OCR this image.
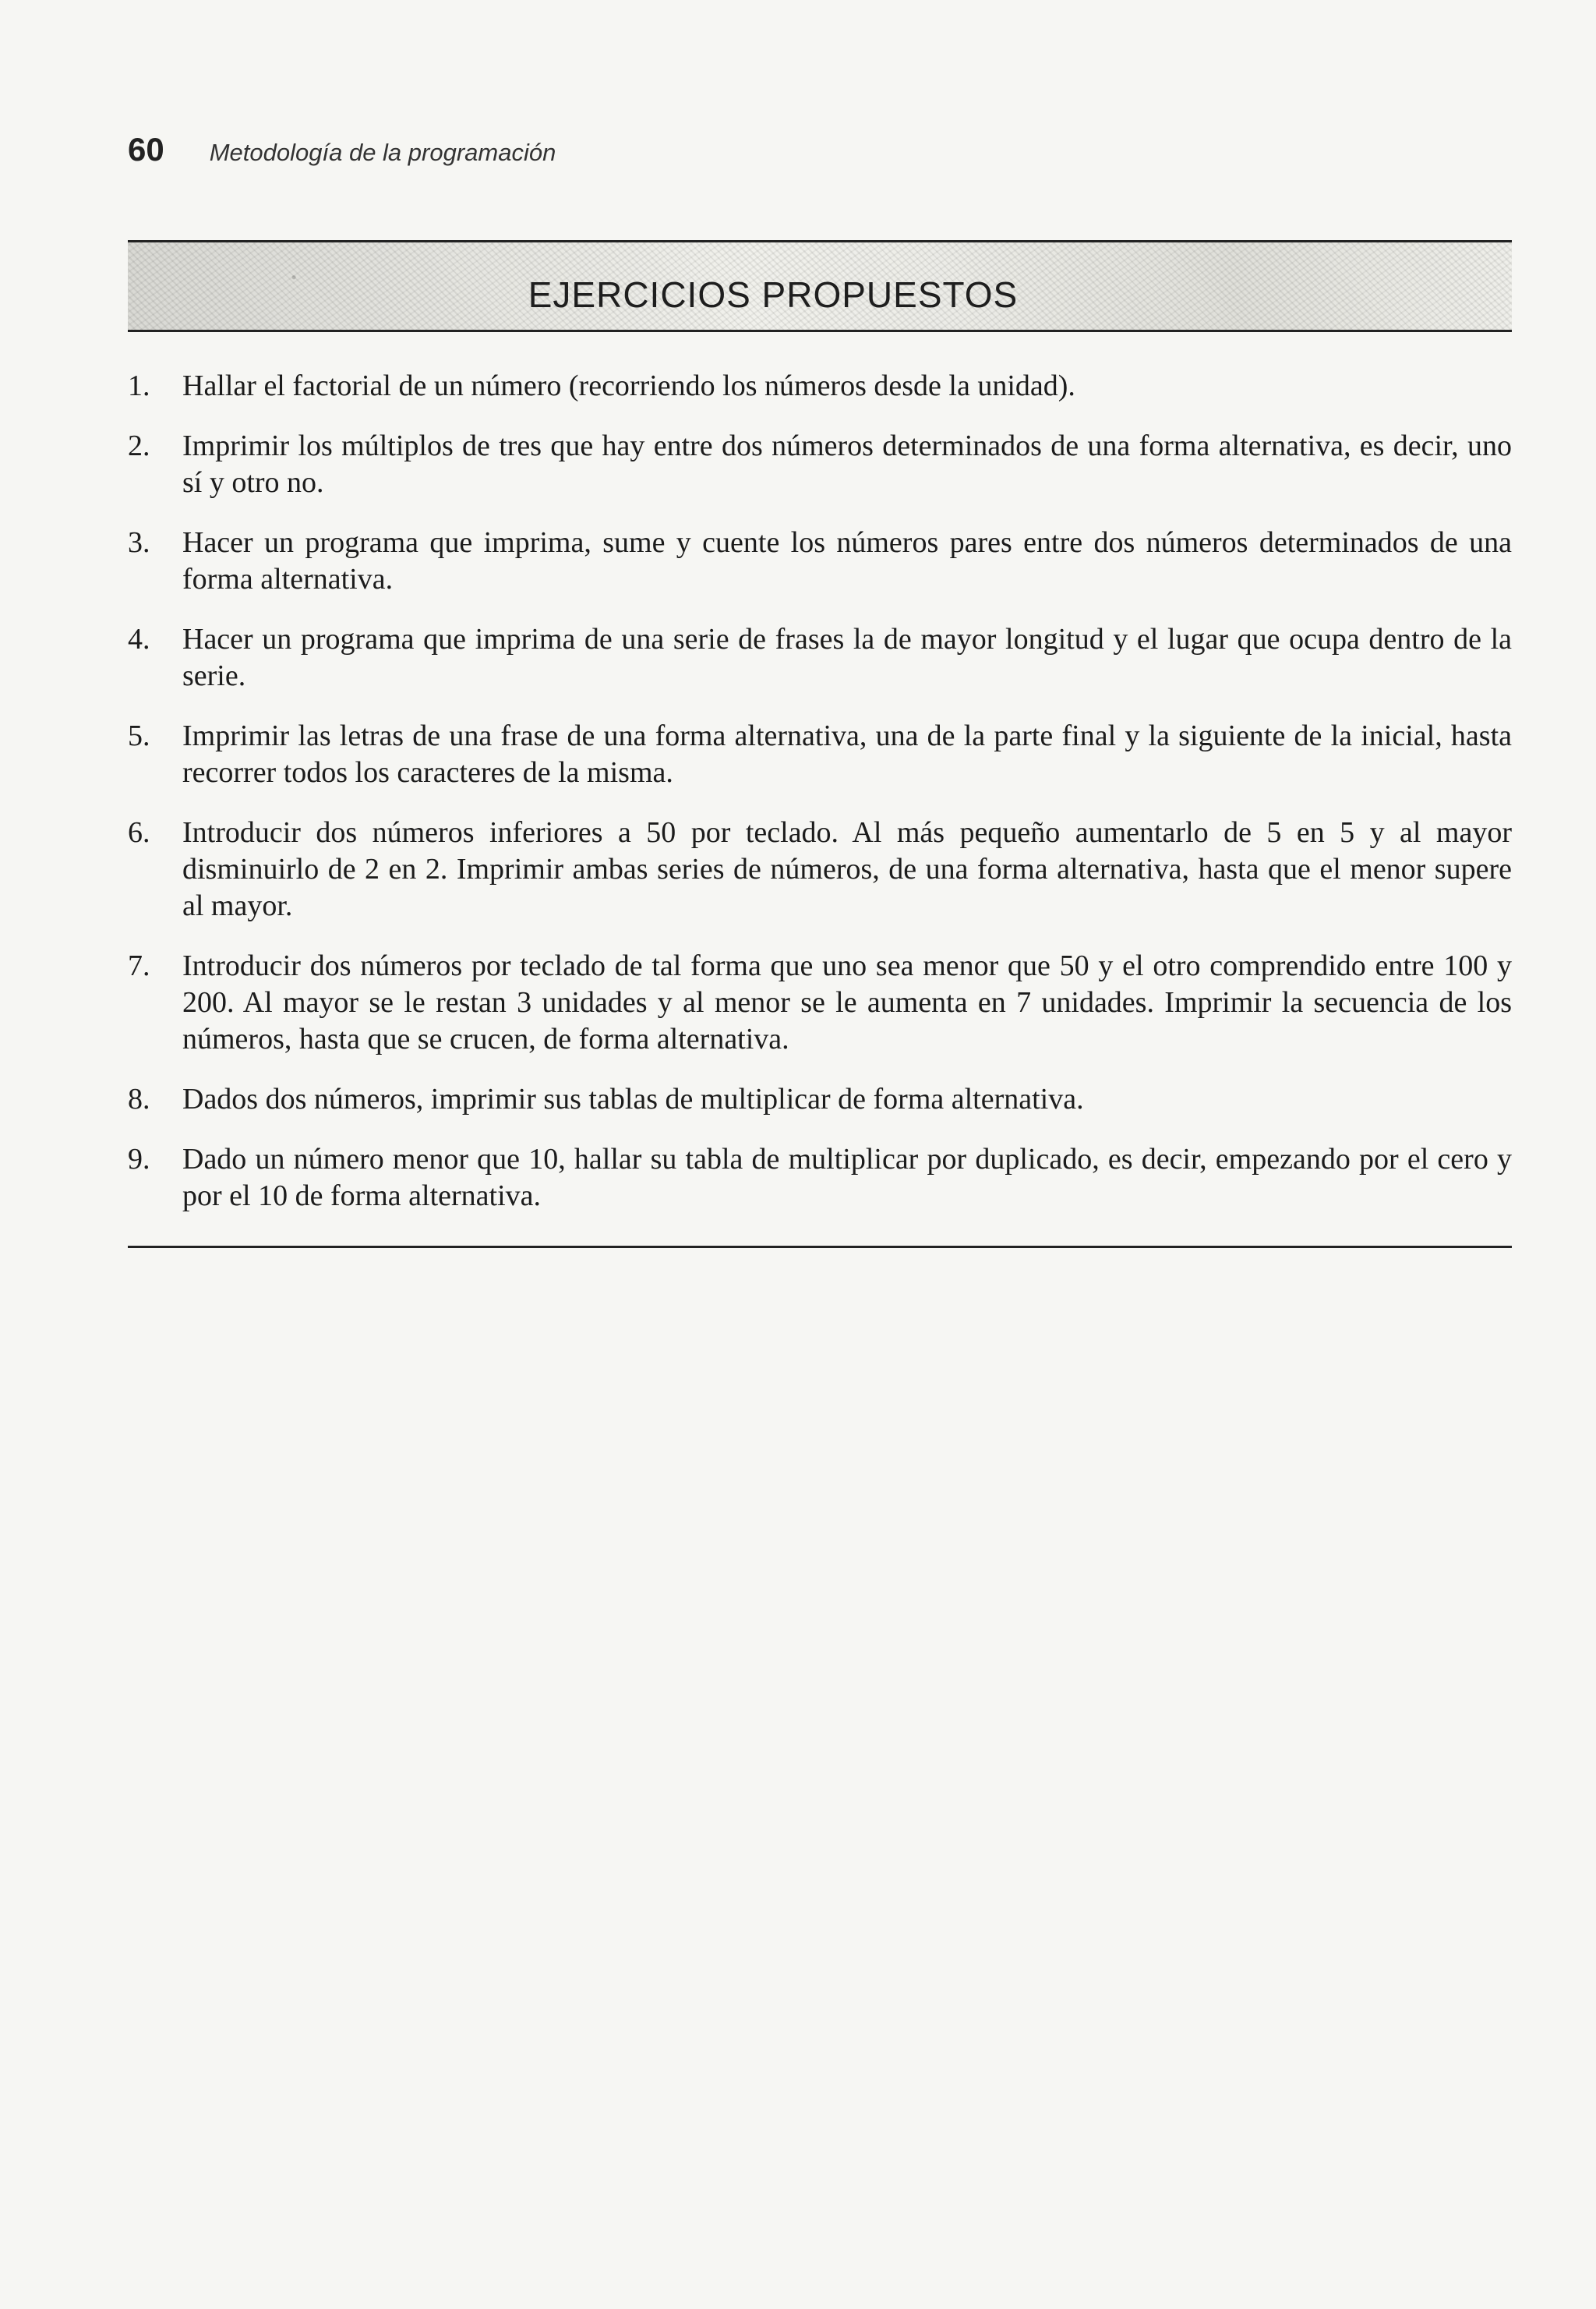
60 Metodología de la programación
EJERCICIOS PROPUESTOS
1.	Hallar el factorial de un número (recorriendo los números desde la unidad).
2.	Imprimir los múltiplos de tres que hay entre dos números determinados de una forma alternativa, es decir, uno sí y otro no.
3.	Hacer un programa que imprima, sume y cuente los números pares entre dos números determinados de una forma alternativa.
4.	Hacer un programa que imprima de una serie de frases la de mayor longitud y el lugar que ocupa dentro de la serie.
5.	Imprimir las letras de una frase de una forma alternativa, una de la parte final y la siguiente de la inicial, hasta recorrer todos los caracteres de la misma.
6.	Introducir dos números inferiores a 50 por teclado. Al más pequeño aumentarlo de 5 en 5 y al mayor disminuirlo de 2 en 2. Imprimir ambas series de números, de una forma alternativa, hasta que el menor supere al mayor.
7.	Introducir dos números por teclado de tal forma que uno sea menor que 50 y el otro comprendido entre 100 y 200. Al mayor se le restan 3 unidades y al menor se le aumenta en 7 unidades. Imprimir la secuencia de los números, hasta que se crucen, de forma alternativa.
8.	Dados dos números, imprimir sus tablas de multiplicar de forma alternativa.
9.	Dado un número menor que 10, hallar su tabla de multiplicar por duplicado, es decir, empezando por el cero y por el 10 de forma alternativa.
